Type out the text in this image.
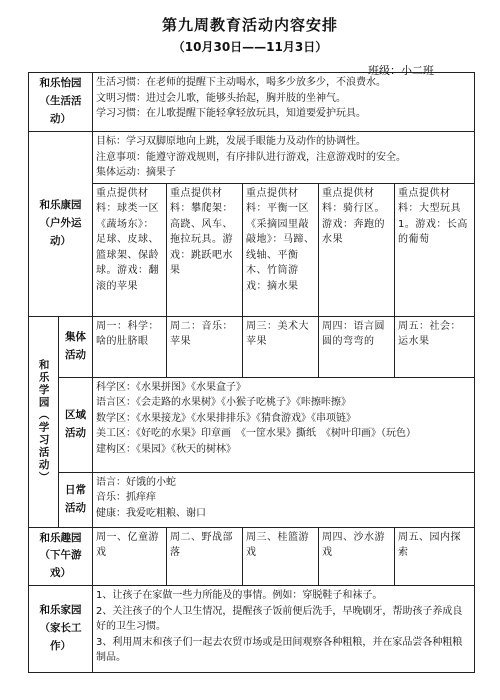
第九周教育活动内容安排
（10月30日——11月3日）
班级：小二班
和乐怡园（生活活动）		生活习惯：在老师的提醒下主动喝水，喝多少放多少，不浪费水。
文明习惯：进过会儿歌，能够头抬起，胸并肢的坐神气。
学习习惯：在儿歌提醒下能轻拿轻放玩具，知道要爱护玩具。				

和乐康园（户外运动）		目标：学习双脚原地向上跳，发展手眼能力及动作的协调性。
注意事项：能遵守游戏规则，有序排队进行游戏，注意游戏时的安全。
集体运动：摘果子				

		重点提供材料：球类一区《蔬场东》：足球、皮球、篮球架、保龄球。游戏：翻滚的苹果	重点提供材料：攀爬架：高跷、风车、拖拉玩具。游戏：跳跃吧水果	重点提供材料：平衡一区《采摘园里敲敲地》：马蹄、线轴、平衡木、竹筒游戏：摘水果	重点提供材料：骑行区。游戏：奔跑的水果	重点提供材料：大型玩具1。游戏：长高的葡萄

和乐学园（学习活动）	集体活动	周一：科学：啥的肚脐眼	周二：音乐：苹果	周三：美术大苹果	周四：语言圆圆的弯弯的	周五：社会：运水果

	区域活动	科学区：《水果拼图》《水果盒子》
语言区：《会走路的水果树》《小猴子吃桃子》《咔擦咔擦》
数学区：《水果接龙》《水果排排乐》《猜食游戏》《串项链》
美工区：《好吃的水果》印章画　《一筐水果》撕纸　《树叶印画》（玩色）
建构区：《果园》《秋天的树林》				

	日常活动	语言：好饿的小蛇
音乐：抓痒痒
健康：我爱吃粗粮、谢口				

和乐趣园（下午游戏）		周一、亿童游戏	周二、野战部落	周三、桂篮游戏	周四、沙水游戏	周五、园内探索

和乐家园（家长工作）		1、让孩子在家做一些力所能及的事情。例如：穿脱鞋子和袜子。
2、关注孩子的个人卫生情况，提醒孩子饭前便后洗手，早晚刷牙，帮助孩子养成良好的卫生习惯。
3、利用周末和孩子们一起去农贸市场或是田间观察各种粗粮，并在家品尝各种粗粮制品。				
